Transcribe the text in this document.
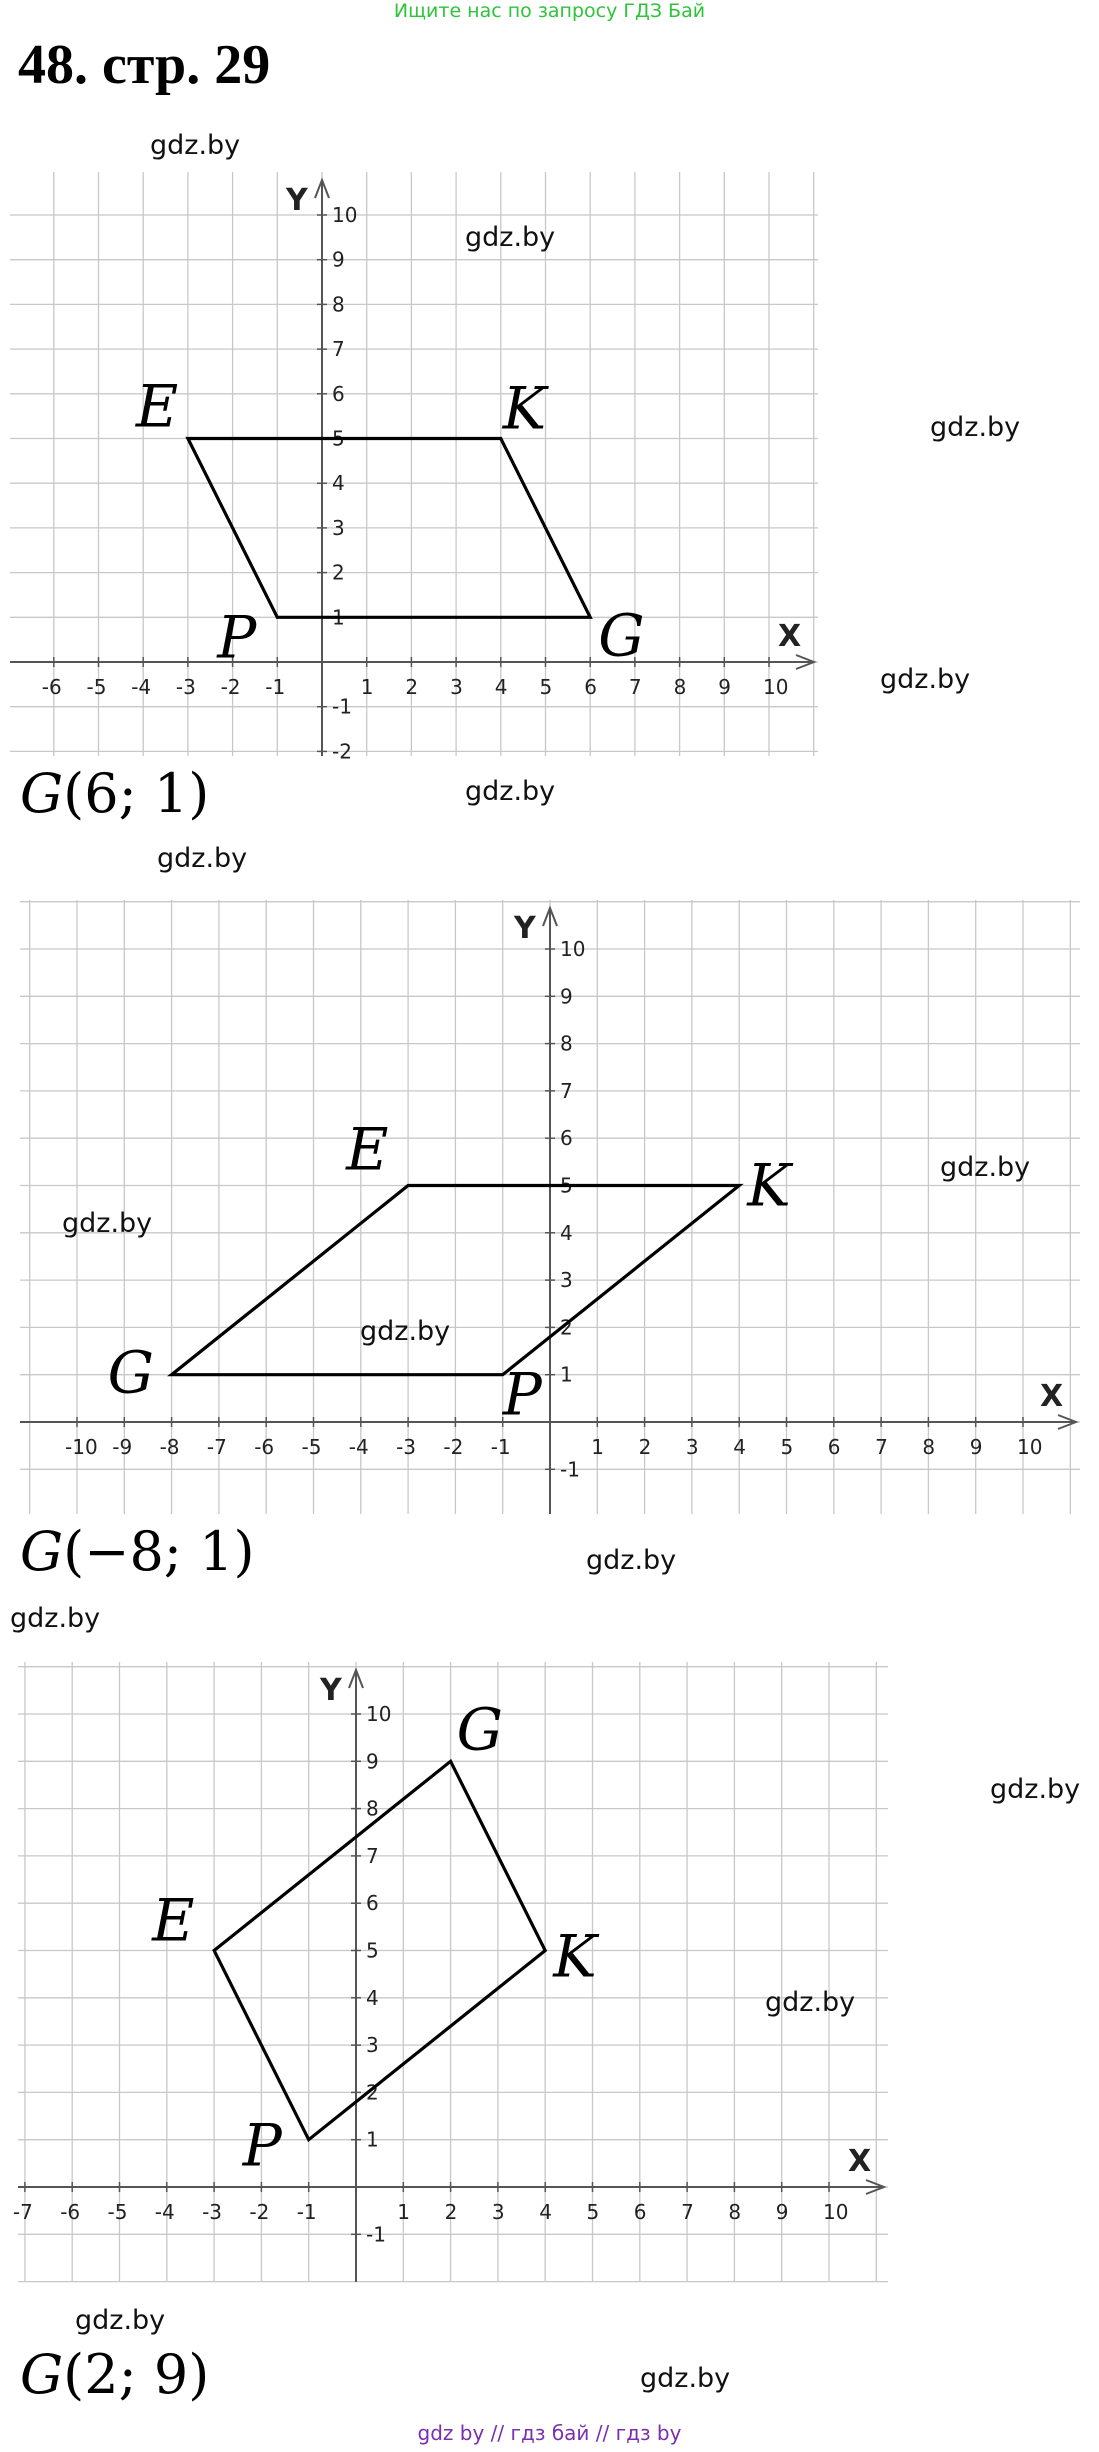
Ищите нас по запросу ГДЗ Бай
48. стр. 29
X
Y
-6 -5 -4 -3 -2 -1	1 2 3 4 5 6 7 8 9 10
-2
-1
1
2
3
4
5
6
7
8
9
10
E	K
G
P
G(6; 1)
X
Y
-10 -9 -8 -7 -6 -5 -4 -3 -2 -1	1 2 3 4 5 6 7 8 9 10
-1
1
2
3
4
5
6
7
8
9
10
E
K
P
G
G(−8; 1)
X
Y
-7 -6 -5 -4 -3 -2 -1	1 2 3 4 5 6 7 8 9 10
-1
1
2
3
4
5
6
7
8
9
10
E
G
K
P
G(2; 9)
gdz.by
gdz.by
gdz.by
gdz.by
gdz.by
gdz.by
gdz.by
gdz.by
gdz.by
gdz.by
gdz.by
gdz.by
gdz.by
gdz.by
gdz.by
gdz by // гдз бай // гдз by
